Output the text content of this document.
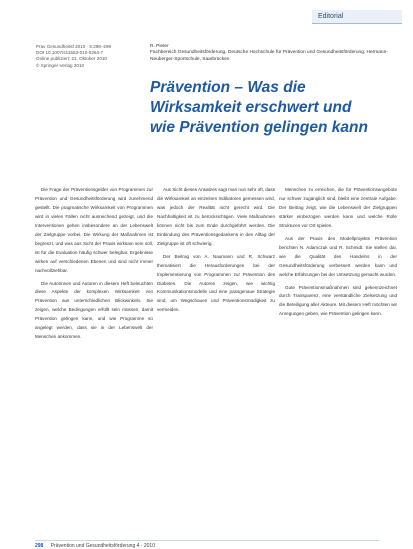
Editorial
Prav Gesundheitsf 2010 · 5:298–299
DOI 10.1007/s11553-010-0264-7
Online publiziert: 21. Oktober 2010
© Springer-Verlag 2010
R. Pieter
Fachbereich Gesundheitsförderung, Deutsche Hochschule für Prävention und Gesundheitsförderung, Hermann-Neuberger-Sportschule, Saarbrücken
Prävention – Was die
Wirksamkeit erschwert und
wie Prävention gelingen kann

Die Frage der Präventionsgelder von Programmen zur Prävention und Gesundheitsförderung wird zunehmend gestellt. Die pragmatische Wirksamkeit von Programmen wird in vielen Fällen nicht ausreichend gezeigt, und die Interventionen gehen insbesondere an der Lebenswelt der Zielgruppe vorbei. Die Wirkung der Maßnahmen ist begrenzt, und was aus Sicht der Praxis wirksam sein soll, ist für die Evaluation häufig schwer belegbar. Ergebnisse wirken auf verschiedenen Ebenen und sind nicht immer nachvollziehbar.

Die Autorinnen und Autoren in diesem Heft beleuchten diese Aspekte der komplexen Wirksamkeit von Prävention aus unterschiedlichen Blickwinkeln. Sie zeigen, welche Bedingungen erfüllt sein müssen, damit Prävention gelingen kann, und wie Programme so angelegt werden, dass sie in der Lebenswelt der Menschen ankommen.

Aus Sicht dieses Ansatzes sagt man nun sehr oft, dass die Wirksamkeit an einzelnen Indikatoren gemessen wird, was jedoch der Realität nicht gerecht wird. Die Nachhaltigkeit ist zu berücksichtigen. Viele Maßnahmen können nicht bis zum Ende durchgeführt werden. Die Einbindung des Präventionsgedankens in den Alltag der Zielgruppe ist oft schwierig.

Der Beitrag von A. Naumann und R. Schwarz thematisiert die Herausforderungen bei der Implementierung von Programmen zur Prävention des Diabetes. Die Autoren zeigen, wie wichtig Kommunikationsmodelle und eine passgenaue Strategie sind, um Wegschauen und Präventionsmüdigkeit zu vermeiden.

Menschen zu erreichen, die für Präventionsangebote nur schwer zugänglich sind, bleibt eine zentrale Aufgabe. Der Beitrag zeigt, wie die Lebenswelt der Zielgruppen stärker einbezogen werden kann und welche Rolle Strukturen vor Ort spielen.

Aus der Praxis des Modellprojekts Prävention berichten N. Adamczuk und R. Schmidt. Sie stellen dar, wie die Qualität des Handelns in der Gesundheitsförderung verbessert werden kann und welche Erfahrungen bei der Umsetzung gemacht wurden.

Gute Präventionsmaßnahmen sind gekennzeichnet durch Transparenz, eine verständliche Zielsetzung und die Beteiligung aller Akteure. Mit diesem Heft möchten wir Anregungen geben, wie Prävention gelingen kann.

298 Prävention und Gesundheitsförderung 4 · 2010
